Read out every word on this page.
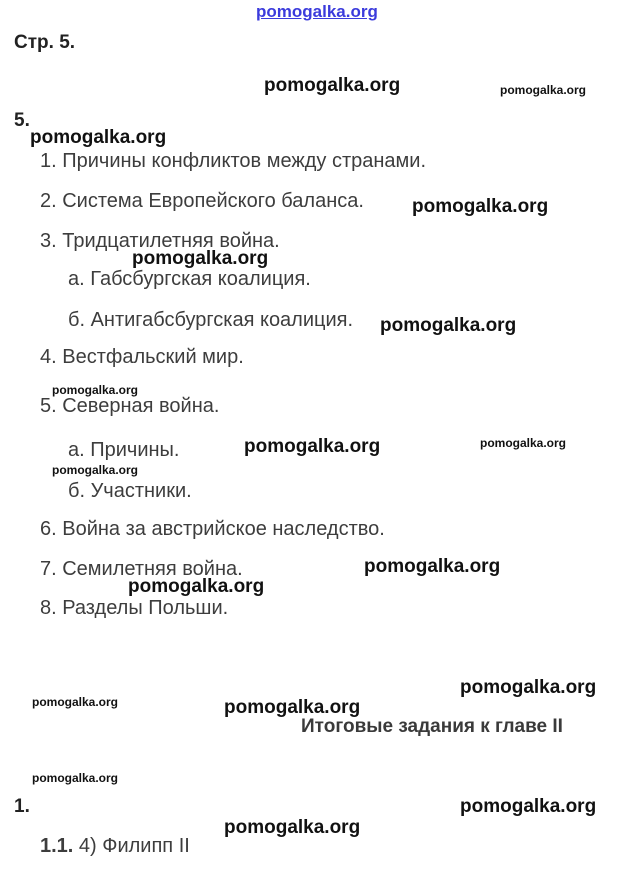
pomogalka.org
Стр. 5.
5.
1. Причины конфликтов между странами.
2. Система Европейского баланса.
3. Тридцатилетняя война.
а. Габсбургская коалиция.
б. Антигабсбургская коалиция.
4. Вестфальский мир.
5. Северная война.
а. Причины.
б. Участники.
6. Война за австрийское наследство.
7. Семилетняя война.
8. Разделы Польши.
Итоговые задания к главе II
1.
1.1. 4) Филипп II
pomogalka.org	pomogalka.org
pomogalka.org
pomogalka.org
pomogalka.org
pomogalka.org
pomogalka.org
pomogalka.org	pomogalka.org
pomogalka.org
pomogalka.org
pomogalka.org
pomogalka.org
pomogalka.org	pomogalka.org
pomogalka.org
pomogalka.org
pomogalka.org
